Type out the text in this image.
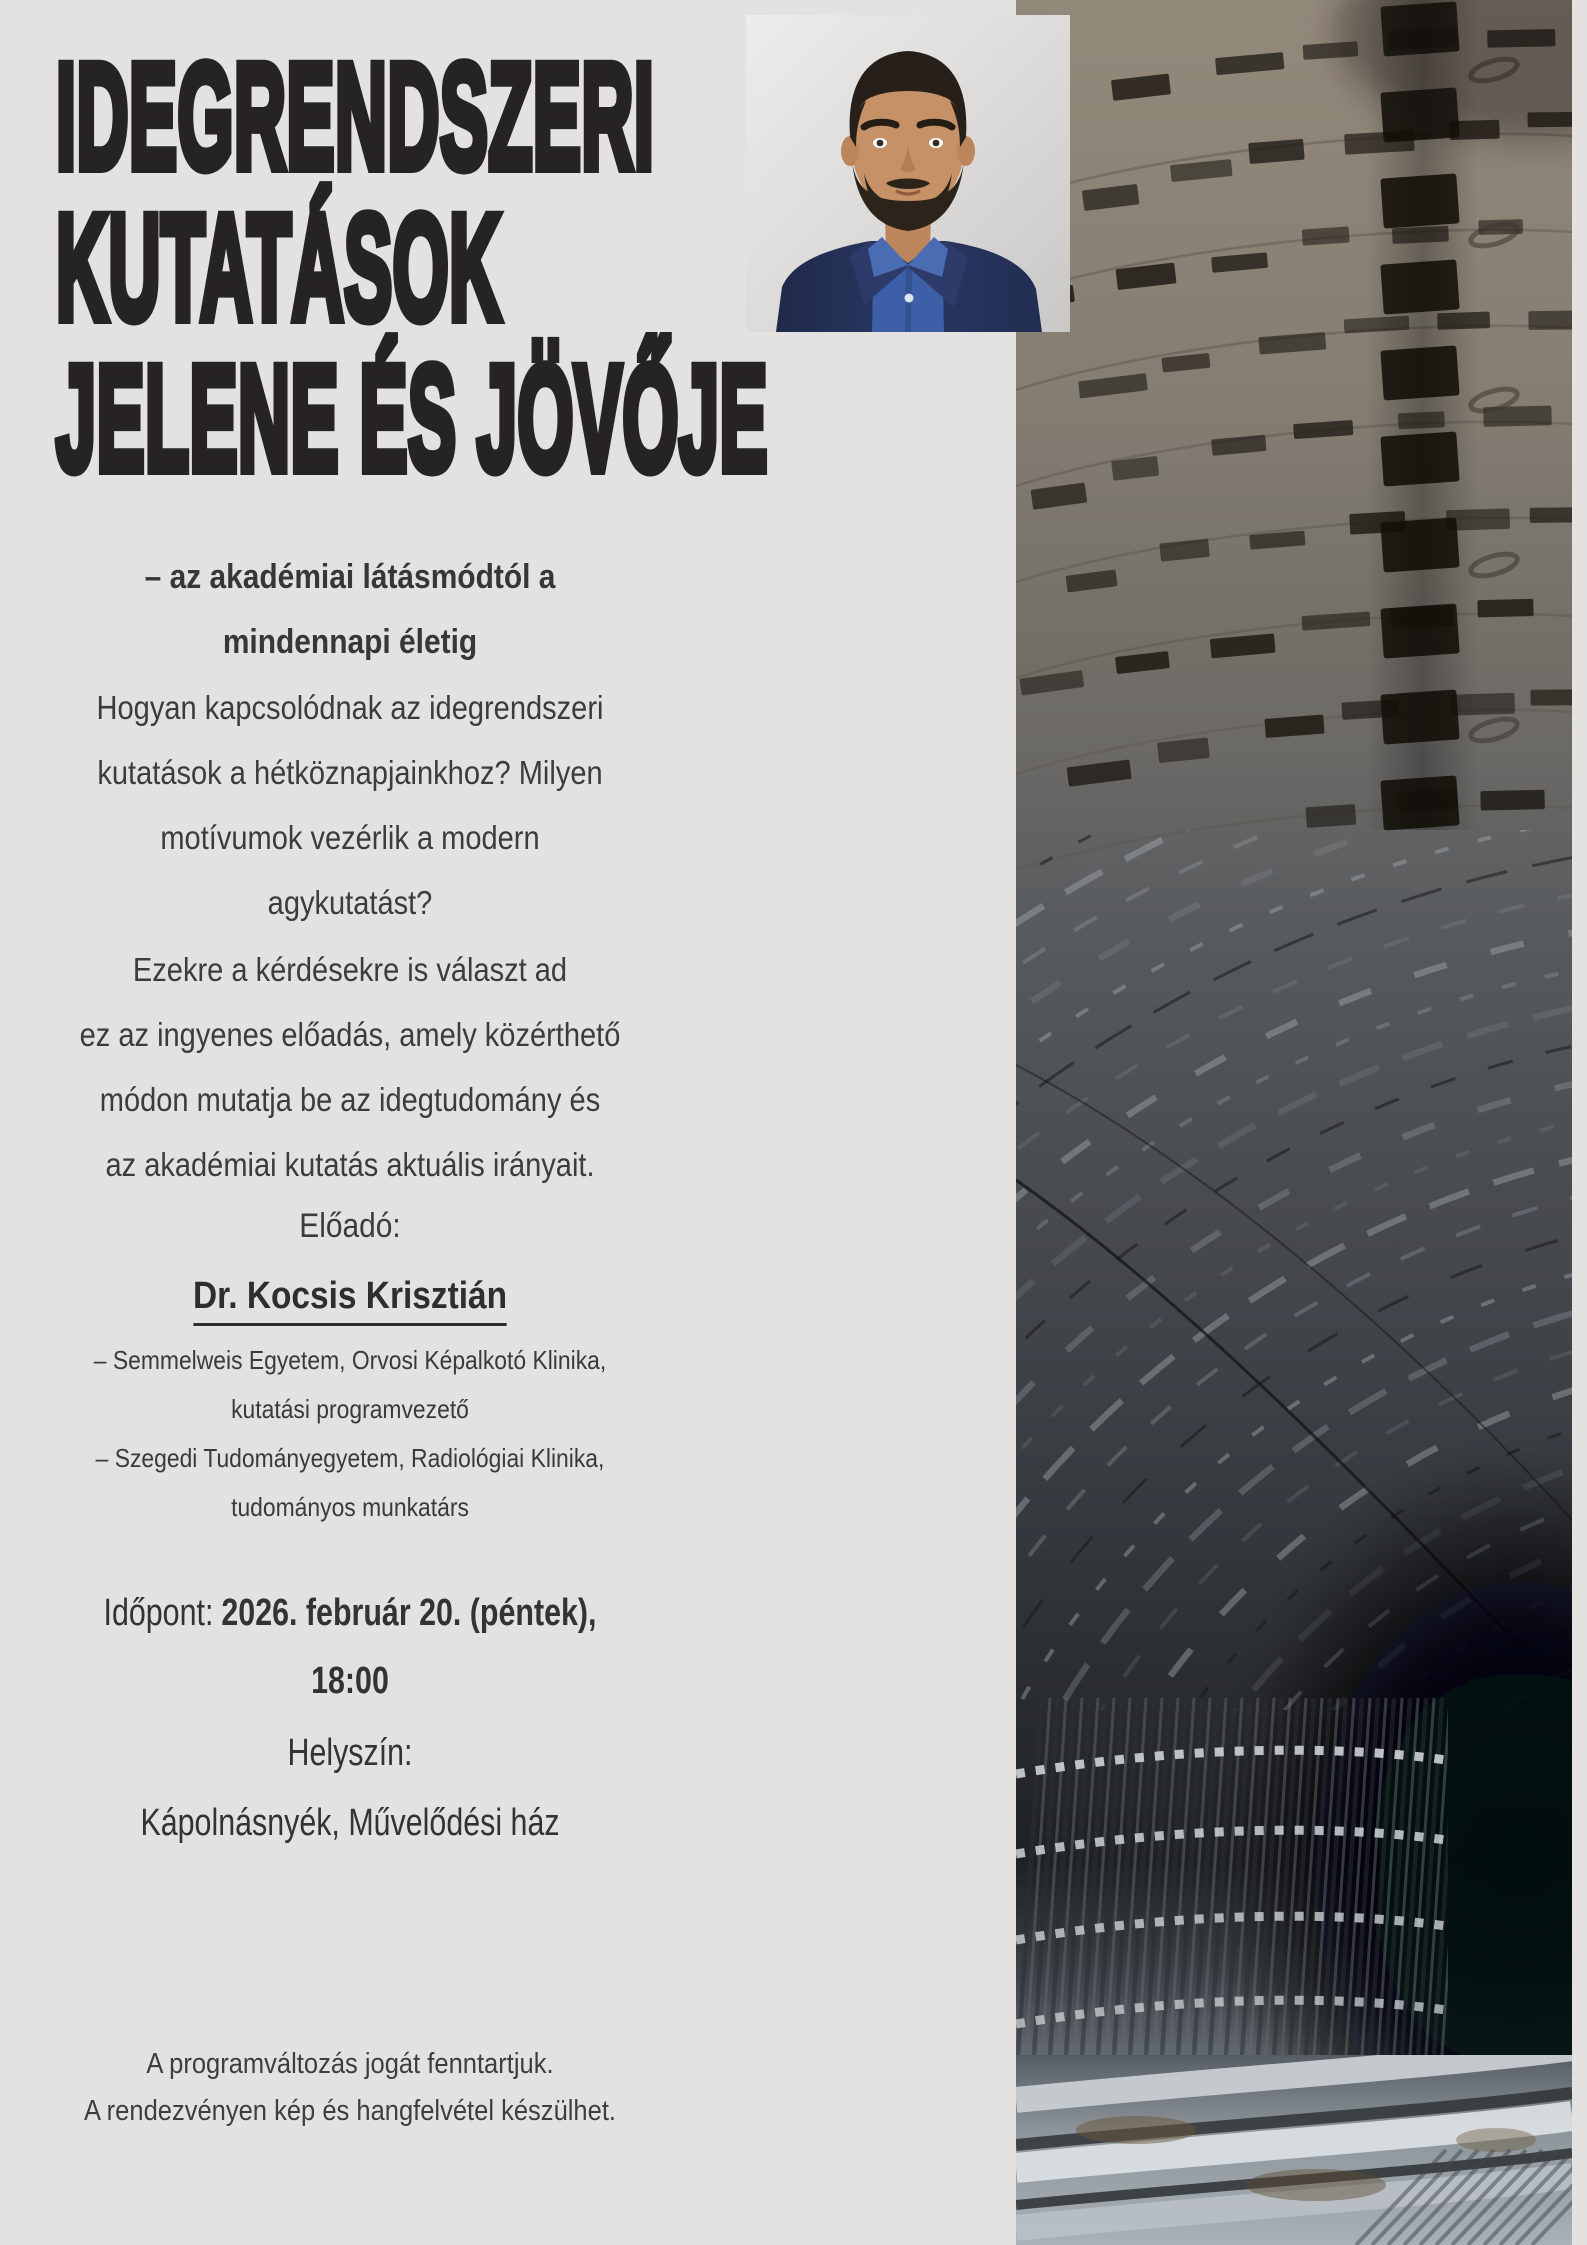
IDEGRENDSZERI
KUTATÁSOK
JELENE ÉS JÖVŐJE
– az akadémiai látásmódtól a
mindennapi életig
Hogyan kapcsolódnak az idegrendszeri
kutatások a hétköznapjainkhoz? Milyen
motívumok vezérlik a modern
agykutatást?
Ezekre a kérdésekre is választ ad
ez az ingyenes előadás, amely közérthető
módon mutatja be az idegtudomány és
az akadémiai kutatás aktuális irányait.
Előadó:
Dr. Kocsis Krisztián
– Semmelweis Egyetem, Orvosi Képalkotó Klinika,
kutatási programvezető
– Szegedi Tudományegyetem, Radiológiai Klinika,
tudományos munkatárs
Időpont: 2026. február 20. (péntek),
18:00
Helyszín:
Kápolnásnyék, Művelődési ház
A programváltozás jogát fenntartjuk.
A rendezvényen kép és hangfelvétel készülhet.
